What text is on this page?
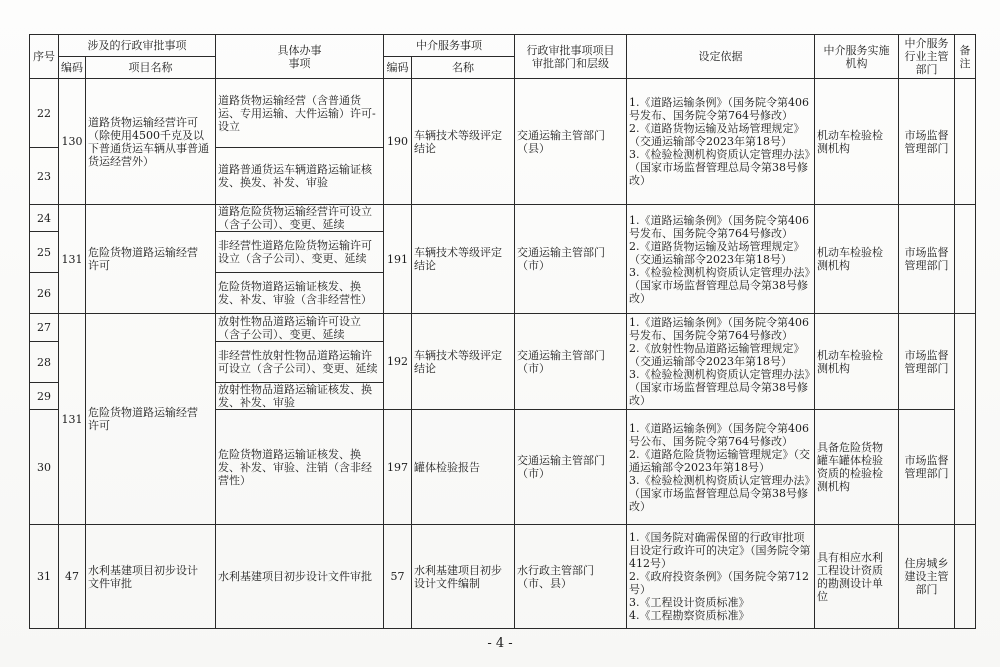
序号	涉及的行政审批事项		具体办事
事项	中介服务事项		行政审批事项项目
审批部门和层级	设定依据	中介服务实施
机构	中介服务
行业主管
部门	备
注
	编码	项目名称		编码	名称					
22	130	道路货物运输经营许可
（除使用4500千克及以
下普通货运车辆从事普通
货运经营外）	道路货物运输经营（含普通货运、专用运输、大件运输）许可-设立	190	车辆技术等级评定
结论	交通运输主管部门
（县）	1.《道路运输条例》（国务院令第406号发布、国务院令第764号修改）
2.《道路货物运输及站场管理规定》（交通运输部令2023年第18号）
3.《检验检测机构资质认定管理办法》（国家市场监督管理总局令第38号修改）	机动车检验检
测机构	市场监督
管理部门	
23			道路普通货运车辆道路运输证核发、换发、补发、审验							
24	131	危险货物道路运输经营
许可	道路危险货物运输经营许可设立（含子公司）、变更、延续	191	车辆技术等级评定
结论	交通运输主管部门
（市）	1.《道路运输条例》（国务院令第406号发布、国务院令第764号修改）
2.《道路货物运输及站场管理规定》（交通运输部令2023年第18号）
3.《检验检测机构资质认定管理办法》（国家市场监督管理总局令第38号修改）	机动车检验检
测机构	市场监督
管理部门	
25			非经营性道路危险货物运输许可设立（含子公司）、变更、延续							
26			危险货物道路运输证核发、换发、补发、审验（含非经营性）							
27	131	危险货物道路运输经营
许可	放射性物品道路运输许可设立（含子公司）、变更、延续	192	车辆技术等级评定
结论	交通运输主管部门
（市）	1.《道路运输条例》（国务院令第406号发布、国务院令第764号修改）
2.《放射性物品道路运输管理规定》（交通运输部令2023年第18号）
3.《检验检测机构资质认定管理办法》（国家市场监督管理总局令第38号修改）	机动车检验检
测机构	市场监督
管理部门	
28			非经营性放射性物品道路运输许可设立（含子公司）、变更、延续							
29			放射性物品道路运输证核发、换发、补发、审验							
30			危险货物道路运输证核发、换发、补发、审验、注销（含非经营性）	197	罐体检验报告	交通运输主管部门
（市）	1.《道路运输条例》（国务院令第406号公布、国务院令第764号修改）
2.《道路危险货物运输管理规定》（交通运输部令2023年第18号）
3.《检验检测机构资质认定管理办法》（国家市场监督管理总局令第38号修改）	具备危险货物
罐车罐体检验
资质的检验检
测机构	市场监督
管理部门	
31	47	水利基建项目初步设计
文件审批	水利基建项目初步设计文件审批	57	水利基建项目初步
设计文件编制	水行政主管部门
（市、县）	1.《国务院对确需保留的行政审批项目设定行政许可的决定》（国务院令第412号）
2.《政府投资条例》（国务院令第712号）
3.《工程设计资质标准》
4.《工程勘察资质标准》	具有相应水利
工程设计资质
的勘测设计单
位	住房城乡
建设主管
部门	
- 4 -
